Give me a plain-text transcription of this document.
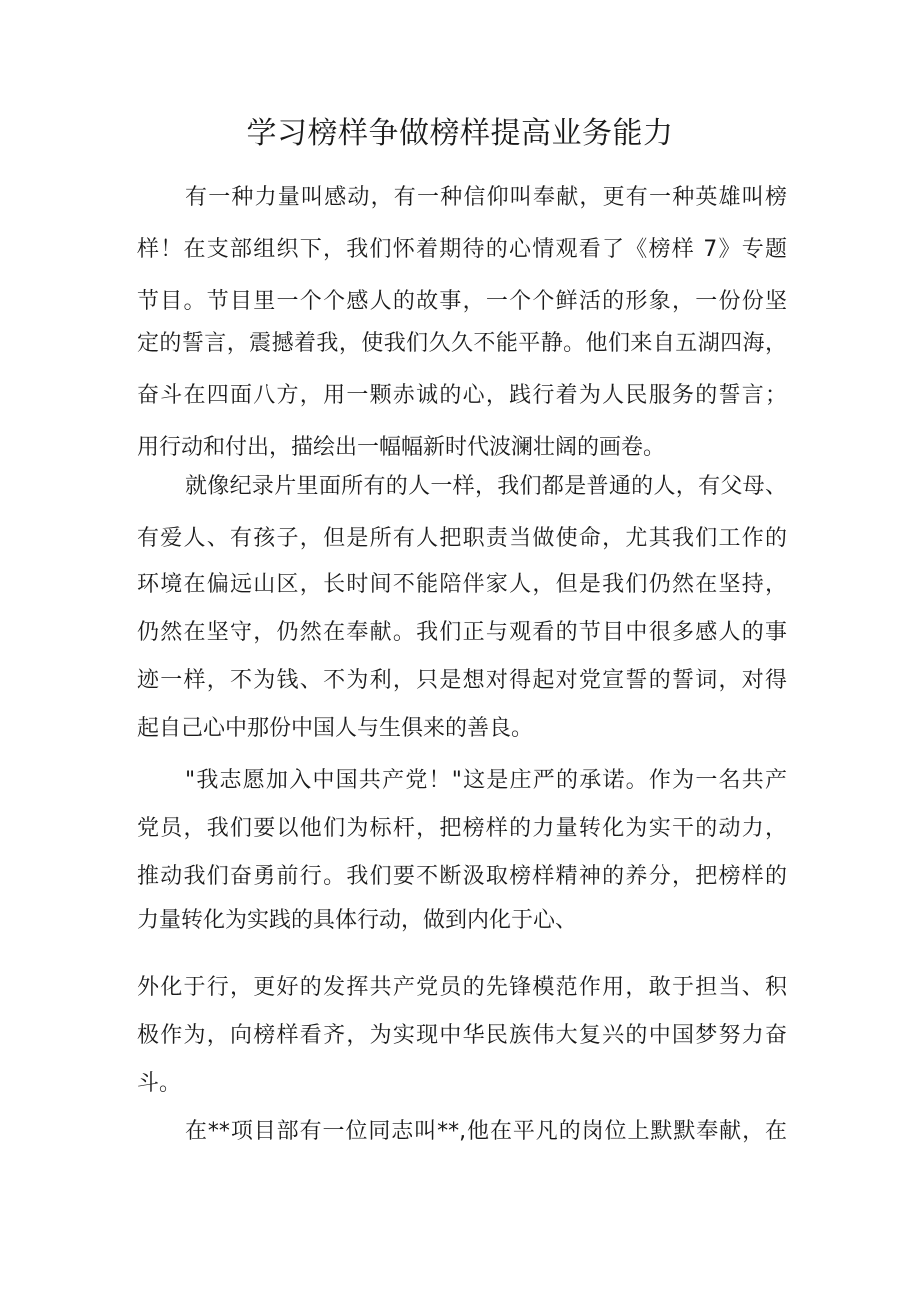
学习榜样争做榜样提高业务能力

有一种力量叫感动，有一种信仰叫奉献，更有一种英雄叫榜

样！在支部组织下，我们怀着期待的心情观看了《榜样 7》专题

节目。节目里一个个感人的故事，一个个鲜活的形象，一份份坚

定的誓言，震撼着我，使我们久久不能平静。他们来自五湖四海，

奋斗在四面八方，用一颗赤诚的心，践行着为人民服务的誓言；

用行动和付出，描绘出一幅幅新时代波澜壮阔的画卷。

就像纪录片里面所有的人一样，我们都是普通的人，有父母、

有爱人、有孩子，但是所有人把职责当做使命，尤其我们工作的

环境在偏远山区，长时间不能陪伴家人，但是我们仍然在坚持，

仍然在坚守，仍然在奉献。我们正与观看的节目中很多感人的事

迹一样，不为钱、不为利，只是想对得起对党宣誓的誓词，对得

起自己心中那份中国人与生俱来的善良。

"我志愿加入中国共产党！"这是庄严的承诺。作为一名共产

党员，我们要以他们为标杆，把榜样的力量转化为实干的动力，

推动我们奋勇前行。我们要不断汲取榜样精神的养分，把榜样的

力量转化为实践的具体行动，做到内化于心、

外化于行，更好的发挥共产党员的先锋模范作用，敢于担当、积

极作为，向榜样看齐，为实现中华民族伟大复兴的中国梦努力奋

斗。

在**项目部有一位同志叫**,他在平凡的岗位上默默奉献，在
